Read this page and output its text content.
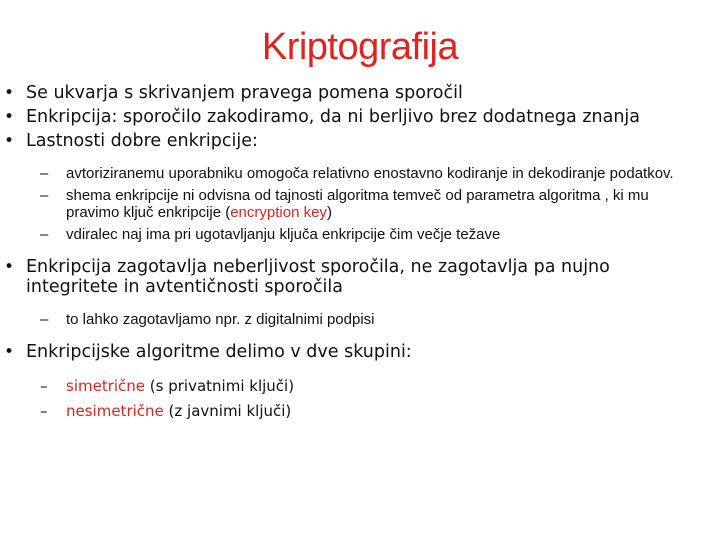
Kriptografija
• Se ukvarja s skrivanjem pravega pomena sporočil
• Enkripcija: sporočilo zakodiramo, da ni berljivo brez dodatnega znanja
• Lastnosti dobre enkripcije:
– avtoriziranemu uporabniku omogoča relativno enostavno kodiranje in dekodiranje podatkov.
– shema enkripcije ni odvisna od tajnosti algoritma temveč od parametra algoritma , ki mu pravimo ključ enkripcije (encryption key)
– vdiralec naj ima pri ugotavljanju ključa enkripcije čim večje težave
• Enkripcija zagotavlja neberljivost sporočila, ne zagotavlja pa nujno integritete in avtentičnosti sporočila
– to lahko zagotavljamo npr. z digitalnimi podpisi
• Enkripcijske algoritme delimo v dve skupini:
– simetrične (s privatnimi ključi)
– nesimetrične (z javnimi ključi)
